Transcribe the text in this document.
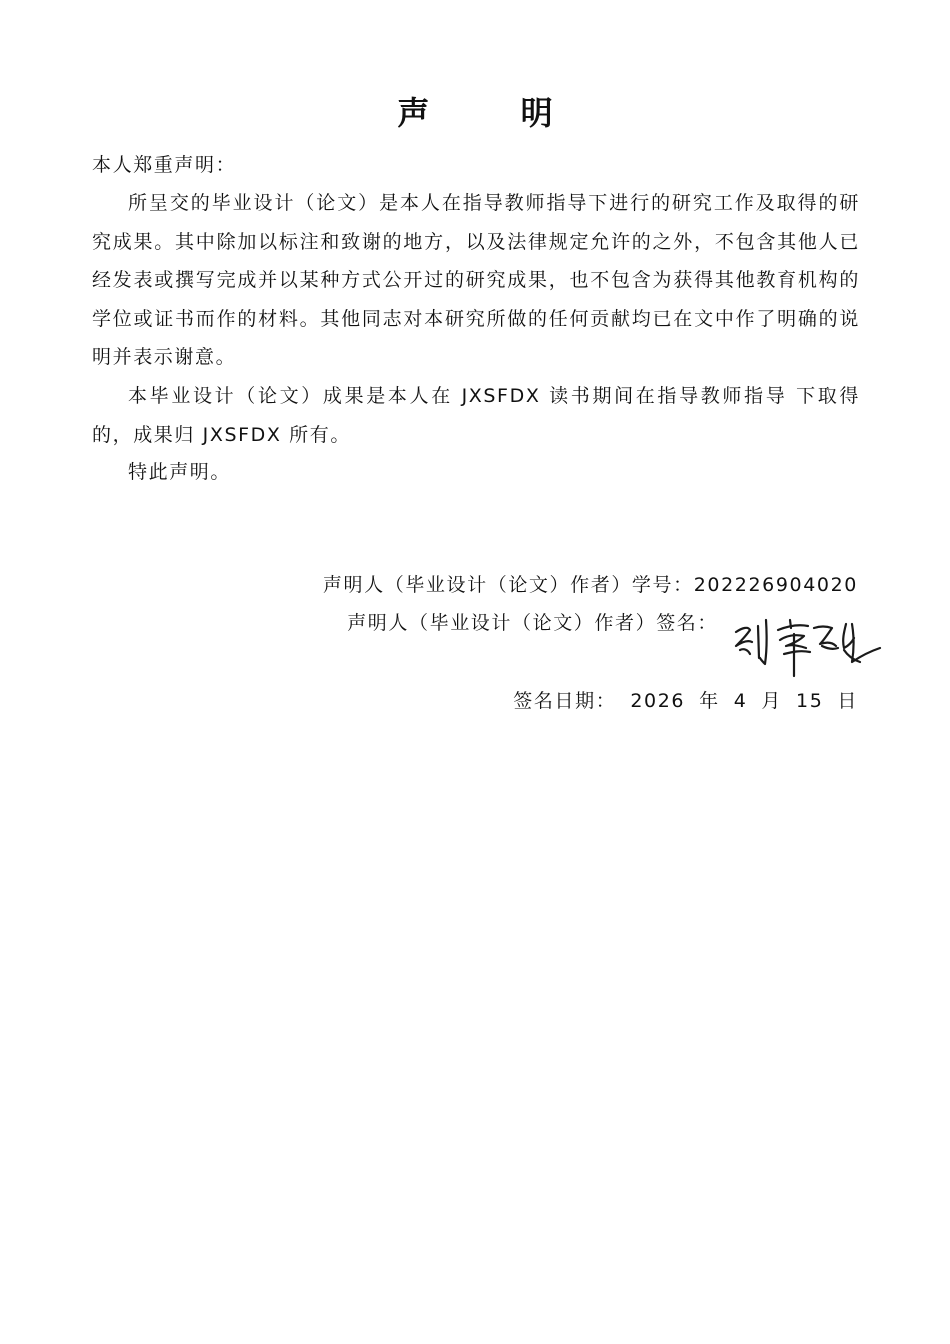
声 明
本人郑重声明：
所呈交的毕业设计（论文）是本人在指导教师指导下进行的研究工作及取得的研究成果。其中除加以标注和致谢的地方，以及法律规定允许的之外，不包含其他人已经发表或撰写完成并以某种方式公开过的研究成果，也不包含为获得其他教育机构的学位或证书而作的材料。其他同志对本研究所做的任何贡献均已在文中作了明确的说明并表示谢意。
本毕业设计（论文）成果是本人在 JXSFDX 读书期间在指导教师指导 下取得的，成果归 JXSFDX 所有。
特此声明。
声明人（毕业设计（论文）作者）学号：202226904020
声明人（毕业设计（论文）作者）签名：
签名日期： 2026 年 4 月 15 日
